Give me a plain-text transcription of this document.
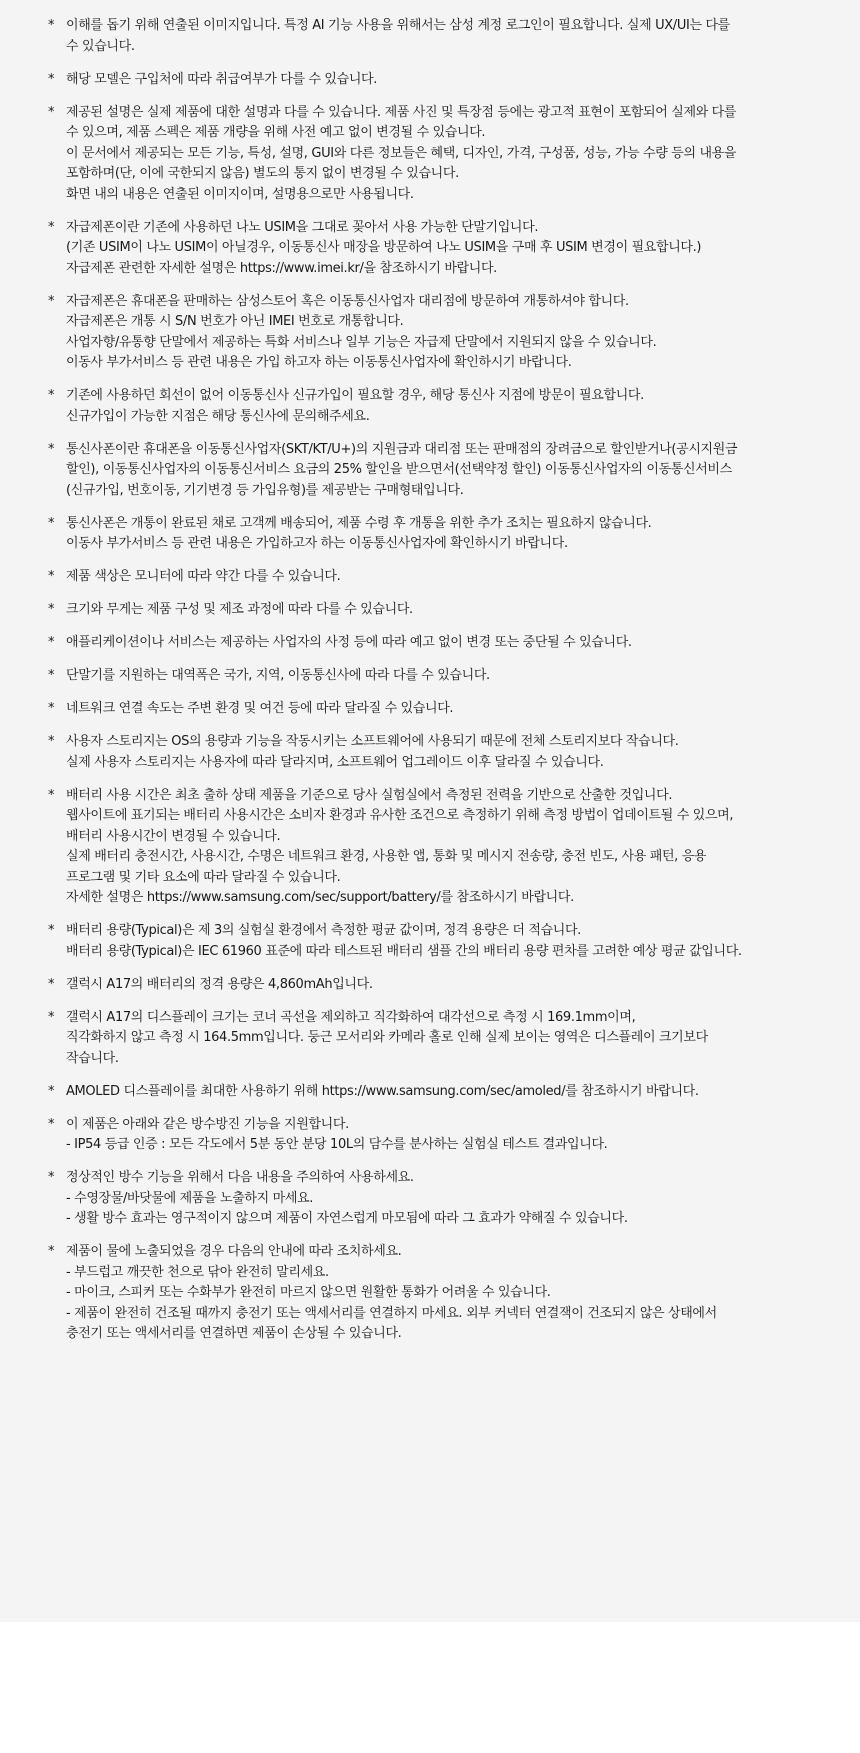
* 이해를 돕기 위해 연출된 이미지입니다. 특정 AI 기능 사용을 위해서는 삼성 계정 로그인이 필요합니다. 실제 UX/UI는 다를
수 있습니다.
* 해당 모델은 구입처에 따라 취급여부가 다를 수 있습니다.
* 제공된 설명은 실제 제품에 대한 설명과 다를 수 있습니다. 제품 사진 및 특장점 등에는 광고적 표현이 포함되어 실제와 다를
수 있으며, 제품 스펙은 제품 개량을 위해 사전 예고 없이 변경될 수 있습니다.
이 문서에서 제공되는 모든 기능, 특성, 설명, GUI와 다른 정보들은 혜택, 디자인, 가격, 구성품, 성능, 가능 수량 등의 내용을
포함하며(단, 이에 국한되지 않음) 별도의 통지 없이 변경될 수 있습니다.
화면 내의 내용은 연출된 이미지이며, 설명용으로만 사용됩니다.
* 자급제폰이란 기존에 사용하던 나노 USIM을 그대로 꽂아서 사용 가능한 단말기입니다.
(기존 USIM이 나노 USIM이 아닐경우, 이동통신사 매장을 방문하여 나노 USIM을 구매 후 USIM 변경이 필요합니다.)
자급제폰 관련한 자세한 설명은 https://www.imei.kr/을 참조하시기 바랍니다.
* 자급제폰은 휴대폰을 판매하는 삼성스토어 혹은 이동통신사업자 대리점에 방문하여 개통하셔야 합니다.
자급제폰은 개통 시 S/N 번호가 아닌 IMEI 번호로 개통합니다.
사업자향/유통향 단말에서 제공하는 특화 서비스나 일부 기능은 자급제 단말에서 지원되지 않을 수 있습니다.
이동사 부가서비스 등 관련 내용은 가입 하고자 하는 이동통신사업자에 확인하시기 바랍니다.
* 기존에 사용하던 회선이 없어 이동통신사 신규가입이 필요할 경우, 해당 통신사 지점에 방문이 필요합니다.
신규가입이 가능한 지점은 해당 통신사에 문의해주세요.
* 통신사폰이란 휴대폰을 이동통신사업자(SKT/KT/U+)의 지원금과 대리점 또는 판매점의 장려금으로 할인받거나(공시지원금
할인), 이동통신사업자의 이동통신서비스 요금의 25% 할인을 받으면서(선택약정 할인) 이동통신사업자의 이동통신서비스
(신규가입, 번호이동, 기기변경 등 가입유형)를 제공받는 구매형태입니다.
* 통신사폰은 개통이 완료된 채로 고객께 배송되어, 제품 수령 후 개통을 위한 추가 조치는 필요하지 않습니다.
이동사 부가서비스 등 관련 내용은 가입하고자 하는 이동통신사업자에 확인하시기 바랍니다.
* 제품 색상은 모니터에 따라 약간 다를 수 있습니다.
* 크기와 무게는 제품 구성 및 제조 과정에 따라 다를 수 있습니다.
* 애플리케이션이나 서비스는 제공하는 사업자의 사정 등에 따라 예고 없이 변경 또는 중단될 수 있습니다.
* 단말기를 지원하는 대역폭은 국가, 지역, 이동통신사에 따라 다를 수 있습니다.
* 네트워크 연결 속도는 주변 환경 및 여건 등에 따라 달라질 수 있습니다.
* 사용자 스토리지는 OS의 용량과 기능을 작동시키는 소프트웨어에 사용되기 때문에 전체 스토리지보다 작습니다.
실제 사용자 스토리지는 사용자에 따라 달라지며, 소프트웨어 업그레이드 이후 달라질 수 있습니다.
* 배터리 사용 시간은 최초 출하 상태 제품을 기준으로 당사 실험실에서 측정된 전력을 기반으로 산출한 것입니다.
웹사이트에 표기되는 배터리 사용시간은 소비자 환경과 유사한 조건으로 측정하기 위해 측정 방법이 업데이트될 수 있으며,
배터리 사용시간이 변경될 수 있습니다.
실제 배터리 충전시간, 사용시간, 수명은 네트워크 환경, 사용한 앱, 통화 및 메시지 전송량, 충전 빈도, 사용 패턴, 응용
프로그램 및 기타 요소에 따라 달라질 수 있습니다.
자세한 설명은 https://www.samsung.com/sec/support/battery/를 참조하시기 바랍니다.
* 배터리 용량(Typical)은 제 3의 실험실 환경에서 측정한 평균 값이며, 정격 용량은 더 적습니다.
배터리 용량(Typical)은 IEC 61960 표준에 따라 테스트된 배터리 샘플 간의 배터리 용량 편차를 고려한 예상 평균 값입니다.
* 갤럭시 A17의 배터리의 정격 용량은 4,860mAh입니다.
* 갤럭시 A17의 디스플레이 크기는 코너 곡선을 제외하고 직각화하여 대각선으로 측정 시 169.1mm이며,
직각화하지 않고 측정 시 164.5mm입니다. 둥근 모서리와 카메라 홀로 인해 실제 보이는 영역은 디스플레이 크기보다
작습니다.
* AMOLED 디스플레이를 최대한 사용하기 위해 https://www.samsung.com/sec/amoled/를 참조하시기 바랍니다.
* 이 제품은 아래와 같은 방수방진 기능을 지원합니다.
- IP54 등급 인증 : 모든 각도에서 5분 동안 분당 10L의 담수를 분사하는 실험실 테스트 결과입니다.
* 정상적인 방수 기능을 위해서 다음 내용을 주의하여 사용하세요.
- 수영장물/바닷물에 제품을 노출하지 마세요.
- 생활 방수 효과는 영구적이지 않으며 제품이 자연스럽게 마모됨에 따라 그 효과가 약해질 수 있습니다.
* 제품이 물에 노출되었을 경우 다음의 안내에 따라 조치하세요.
- 부드럽고 깨끗한 천으로 닦아 완전히 말리세요.
- 마이크, 스피커 또는 수화부가 완전히 마르지 않으면 원활한 통화가 어려울 수 있습니다.
- 제품이 완전히 건조될 때까지 충전기 또는 액세서리를 연결하지 마세요. 외부 커넥터 연결잭이 건조되지 않은 상태에서
충전기 또는 액세서리를 연결하면 제품이 손상될 수 있습니다.
